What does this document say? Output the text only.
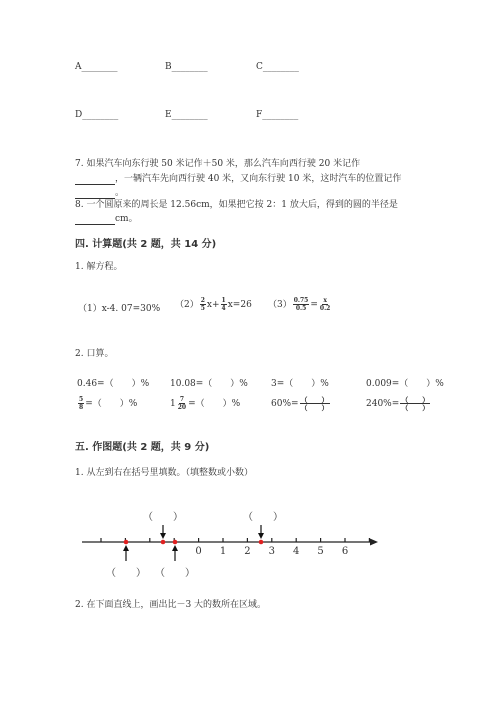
A________	B________	C________
D________	E________	F________
7. 如果汽车向东行驶 50 米记作＋50 米，那么汽车向西行驶 20 米记作
，一辆汽车先向西行驶 40 米，又向东行驶 10 米，这时汽车的位置记作
。
8. 一个圆原来的周长是 12.56cm，如果把它按 2：1 放大后，得到的圆的半径是
cm。
四. 计算题(共 2 题，共 14 分)
1. 解方程。
（1）x-4. 07=30% $(2) \frac{2}{5} x+ \frac{1}{4} x=26$ $(3) \frac{0.75}{0.5} = \frac{x}{0.2}$
2. 口算。
0.46=（　　）% 10.08=（　　）%	3=（　　）%	0.009=（　　）%
$\frac{5}{8}$ =（　　）%	$1 \frac{7}{20}$ =（　　）%	$60\%= \frac{( )}{( )}$	$240\%= \frac{( )}{( )}$
五. 作图题(共 2 题，共 9 分)
1. 从左到右在括号里填数。（填整数或小数）
0 1 2 3 4 5 6
（　　）	（　　）
（　　） （　　）
2. 在下面直线上，画出比－3 大的数所在区域。
